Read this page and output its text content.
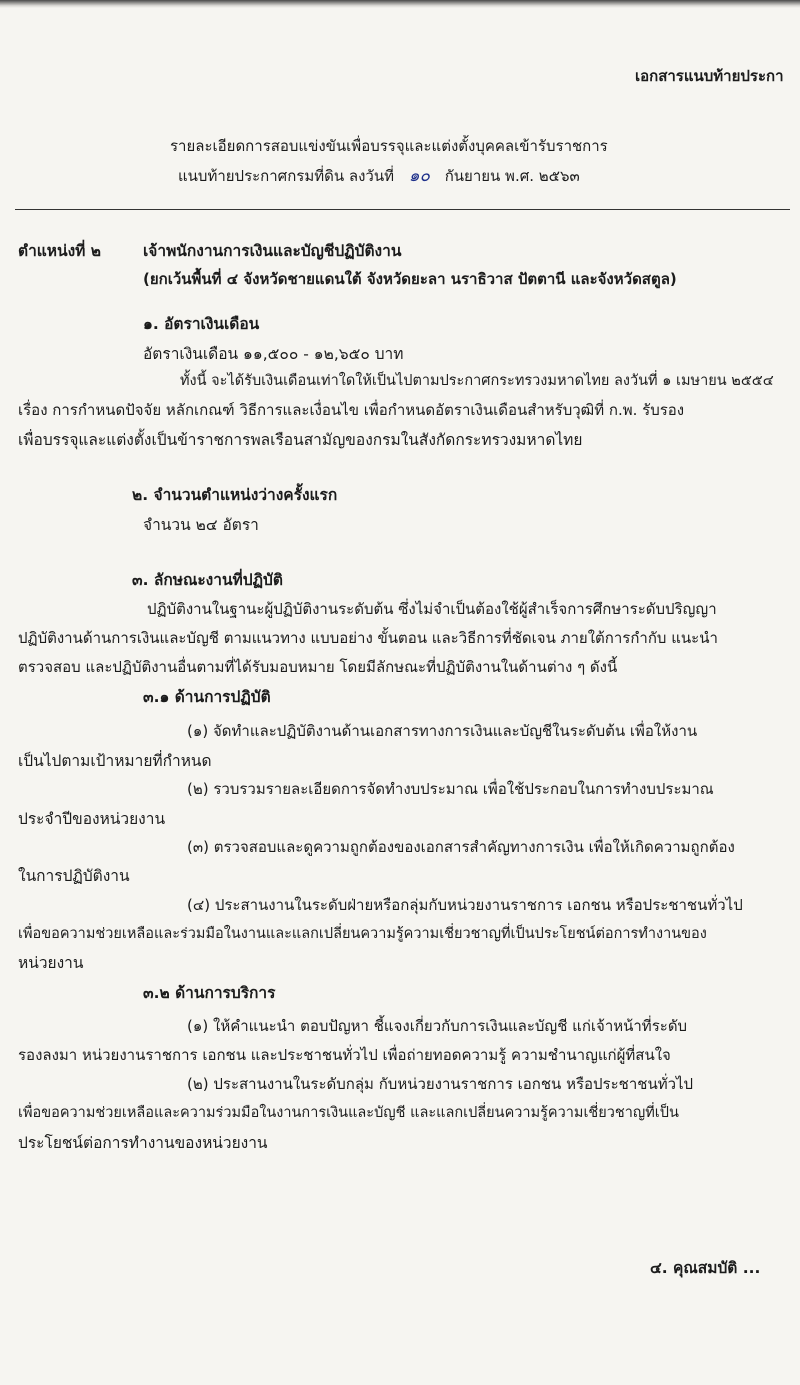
เอกสารแนบท้ายประกา
รายละเอียดการสอบแข่งขันเพื่อบรรจุและแต่งตั้งบุคคลเข้ารับราชการ
แนบท้ายประกาศกรมที่ดิน ลงวันที่ ๑๐ กันยายน พ.ศ. ๒๕๖๓
ตำแหน่งที่ ๒	เจ้าพนักงานการเงินและบัญชีปฏิบัติงาน
(ยกเว้นพื้นที่ ๔ จังหวัดชายแดนใต้ จังหวัดยะลา นราธิวาส ปัตตานี และจังหวัดสตูล)
๑. อัตราเงินเดือน
อัตราเงินเดือน ๑๑,๕๐๐ - ๑๒,๖๕๐ บาท
ทั้งนี้ จะได้รับเงินเดือนเท่าใดให้เป็นไปตามประกาศกระทรวงมหาดไทย ลงวันที่ ๑ เมษายน ๒๕๕๔
เรื่อง การกำหนดปัจจัย หลักเกณฑ์ วิธีการและเงื่อนไข เพื่อกำหนดอัตราเงินเดือนสำหรับวุฒิที่ ก.พ. รับรอง
เพื่อบรรจุและแต่งตั้งเป็นข้าราชการพลเรือนสามัญของกรมในสังกัดกระทรวงมหาดไทย
๒. จำนวนตำแหน่งว่างครั้งแรก
จำนวน ๒๔ อัตรา
๓. ลักษณะงานที่ปฏิบัติ
ปฏิบัติงานในฐานะผู้ปฏิบัติงานระดับต้น ซึ่งไม่จำเป็นต้องใช้ผู้สำเร็จการศึกษาระดับปริญญา
ปฏิบัติงานด้านการเงินและบัญชี ตามแนวทาง แบบอย่าง ขั้นตอน และวิธีการที่ชัดเจน ภายใต้การกำกับ แนะนำ
ตรวจสอบ และปฏิบัติงานอื่นตามที่ได้รับมอบหมาย โดยมีลักษณะที่ปฏิบัติงานในด้านต่าง ๆ ดังนี้
๓.๑ ด้านการปฏิบัติ
(๑) จัดทำและปฏิบัติงานด้านเอกสารทางการเงินและบัญชีในระดับต้น เพื่อให้งาน
เป็นไปตามเป้าหมายที่กำหนด
(๒) รวบรวมรายละเอียดการจัดทำงบประมาณ เพื่อใช้ประกอบในการทำงบประมาณ
ประจำปีของหน่วยงาน
(๓) ตรวจสอบและดูความถูกต้องของเอกสารสำคัญทางการเงิน เพื่อให้เกิดความถูกต้อง
ในการปฏิบัติงาน
(๔) ประสานงานในระดับฝ่ายหรือกลุ่มกับหน่วยงานราชการ เอกชน หรือประชาชนทั่วไป
เพื่อขอความช่วยเหลือและร่วมมือในงานและแลกเปลี่ยนความรู้ความเชี่ยวชาญที่เป็นประโยชน์ต่อการทำงานของ
หน่วยงาน
๓.๒ ด้านการบริการ
(๑) ให้คำแนะนำ ตอบปัญหา ชี้แจงเกี่ยวกับการเงินและบัญชี แก่เจ้าหน้าที่ระดับ
รองลงมา หน่วยงานราชการ เอกชน และประชาชนทั่วไป เพื่อถ่ายทอดความรู้ ความชำนาญแก่ผู้ที่สนใจ
(๒) ประสานงานในระดับกลุ่ม กับหน่วยงานราชการ เอกชน หรือประชาชนทั่วไป
เพื่อขอความช่วยเหลือและความร่วมมือในงานการเงินและบัญชี และแลกเปลี่ยนความรู้ความเชี่ยวชาญที่เป็น
ประโยชน์ต่อการทำงานของหน่วยงาน
๔. คุณสมบัติ ...
